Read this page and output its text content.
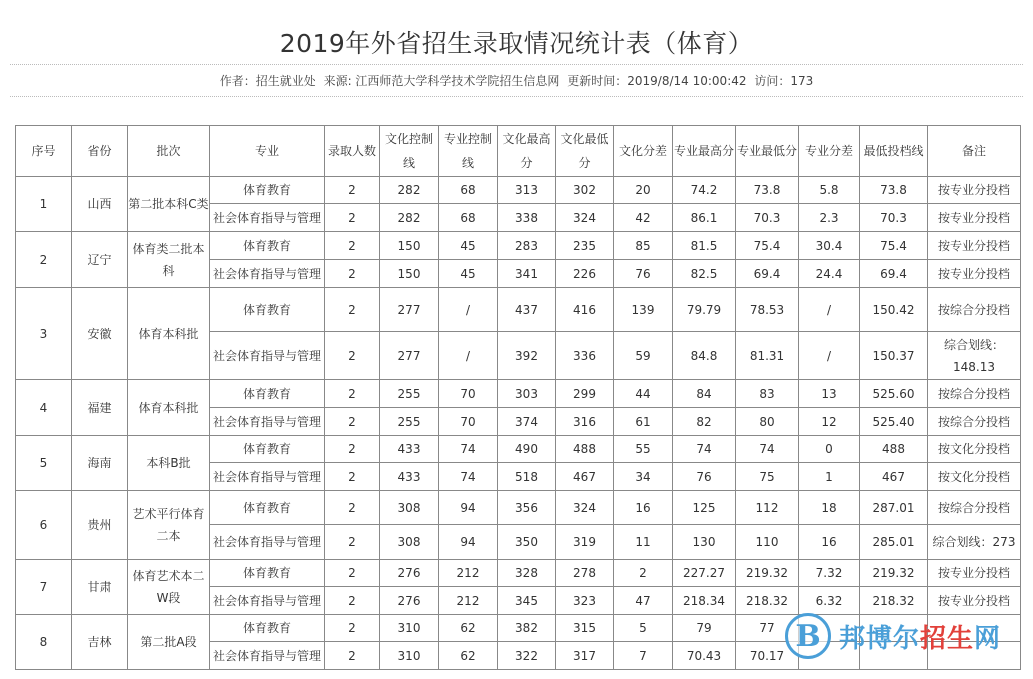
2019年外省招生录取情况统计表（体育）
作者：招生就业处 来源: 江西师范大学科学技术学院招生信息网 更新时间：2019/8/14 10:00:42 访问：173
序号	省份	批次	专业	录取人数	文化控制线	专业控制线	文化最高分	文化最低分	文化分差	专业最高分	专业最低分	专业分差	最低投档线	备注
1	山西	第二批本科C类	体育教育	2	282	68	313	302	20	74.2	73.8	5.8	73.8	按专业分投档
			社会体育指导与管理	2	282	68	338	324	42	86.1	70.3	2.3	70.3	按专业分投档
2	辽宁	体育类二批本科	体育教育	2	150	45	283	235	85	81.5	75.4	30.4	75.4	按专业分投档
			社会体育指导与管理	2	150	45	341	226	76	82.5	69.4	24.4	69.4	按专业分投档
3	安徽	体育本科批	体育教育	2	277	/	437	416	139	79.79	78.53	/	150.42	按综合分投档
			社会体育指导与管理	2	277	/	392	336	59	84.8	81.31	/	150.37	综合划线：148.13
4	福建	体育本科批	体育教育	2	255	70	303	299	44	84	83	13	525.60	按综合分投档
			社会体育指导与管理	2	255	70	374	316	61	82	80	12	525.40	按综合分投档
5	海南	本科B批	体育教育	2	433	74	490	488	55	74	74	0	488	按文化分投档
			社会体育指导与管理	2	433	74	518	467	34	76	75	1	467	按文化分投档
6	贵州	艺术平行体育二本	体育教育	2	308	94	356	324	16	125	112	18	287.01	按综合分投档
			社会体育指导与管理	2	308	94	350	319	11	130	110	16	285.01	综合划线：273
7	甘肃	体育艺术本二W段	体育教育	2	276	212	328	278	2	227.27	219.32	7.32	219.32	按专业分投档
			社会体育指导与管理	2	276	212	345	323	47	218.34	218.32	6.32	218.32	按专业分投档
8	吉林	第二批A段	体育教育	2	310	62	382	315	5	79	77			
			社会体育指导与管理	2	310	62	322	317	7	70.43	70.17			
B 邦博尔招生网
